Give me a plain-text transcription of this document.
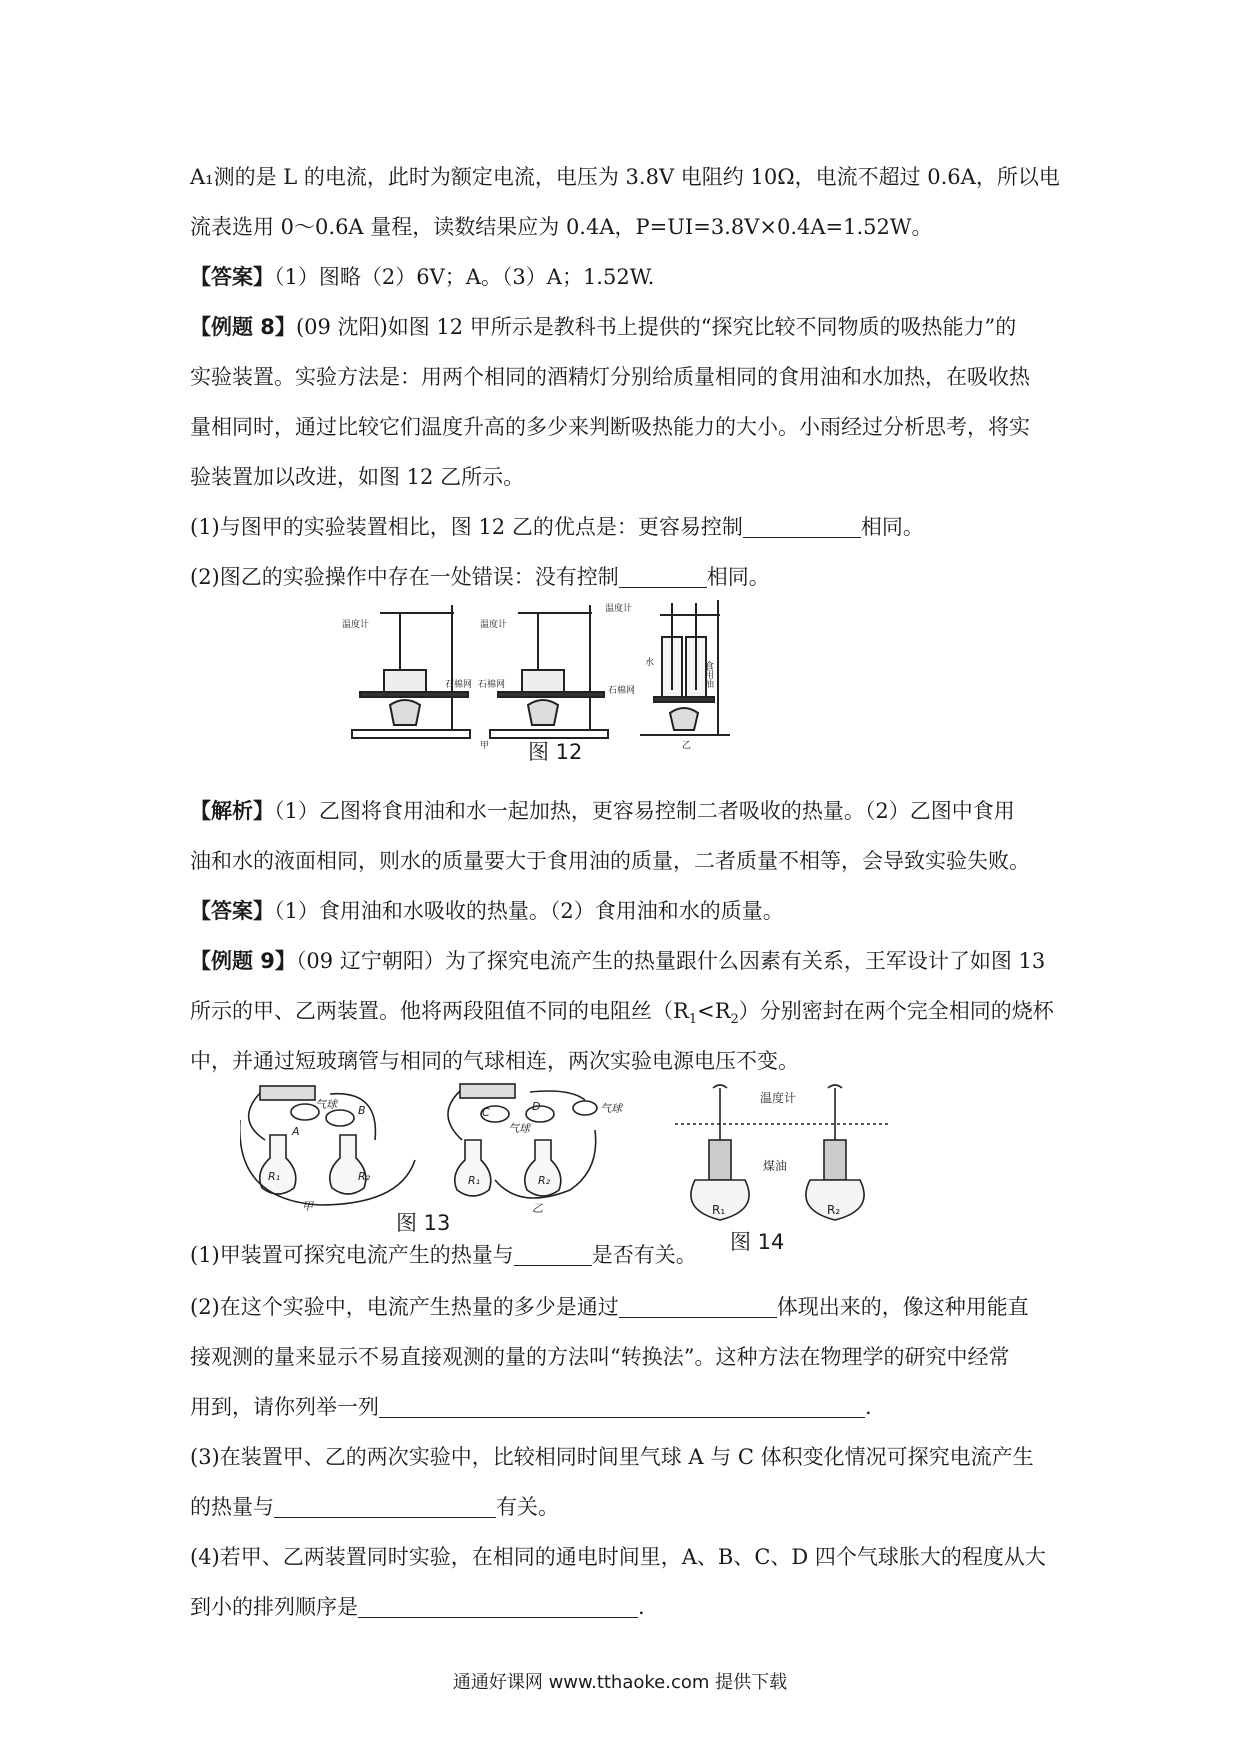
A₁测的是 L 的电流，此时为额定电流，电压为 3.8V 电阻约 10Ω，电流不超过 0.6A，所以电
流表选用 0～0.6A 量程，读数结果应为 0.4A，P=UI=3.8V×0.4A=1.52W。
【答案】（1）图略（2）6V；A。（3）A；1.52W.
【例题 8】(09 沈阳)如图 12 甲所示是教科书上提供的“探究比较不同物质的吸热能力”的
实验装置。实验方法是：用两个相同的酒精灯分别给质量相同的食用油和水加热，在吸收热
量相同时，通过比较它们温度升高的多少来判断吸热能力的大小。小雨经过分析思考，将实
验装置加以改进，如图 12 乙所示。
(1)与图甲的实验装置相比，图 12 乙的优点是：更容易控制	相同。
(2)图乙的实验操作中存在一处错误：没有控制	相同。
温度计
石棉网
温度计
石棉网
温度计
石棉网
水	食用油
甲	乙
图 12
【解析】（1）乙图将食用油和水一起加热，更容易控制二者吸收的热量。（2）乙图中食用
油和水的液面相同，则水的质量要大于食用油的质量，二者质量不相等，会导致实验失败。
【答案】（1）食用油和水吸收的热量。（2）食用油和水的质量。
【例题 9】（09 辽宁朝阳）为了探究电流产生的热量跟什么因素有关系，王军设计了如图 13
所示的甲、乙两装置。他将两段阻值不同的电阻丝$(R_1<R_2)$分别密封在两个完全相同的烧杯
中，并通过短玻璃管与相同的气球相连，两次实验电源电压不变。
气球
A
B
R₁	R₂
甲
C
气球
D	气球
R₁	R₂
乙
图 13
温度计
煤油
R₁	R₂
图 14
(1)甲装置可探究电流产生的热量与	是否有关。
(2)在这个实验中，电流产生热量的多少是通过	体现出来的，像这种用能直
接观测的量来显示不易直接观测的量的方法叫“转换法”。这种方法在物理学的研究中经常
用到，请你列举一列	.
(3)在装置甲、乙的两次实验中，比较相同时间里气球 A 与 C 体积变化情况可探究电流产生
的热量与	有关。
(4)若甲、乙两装置同时实验，在相同的通电时间里，A、B、C、D 四个气球胀大的程度从大
到小的排列顺序是	.
通通好课网 www.tthaoke.com 提供下载
